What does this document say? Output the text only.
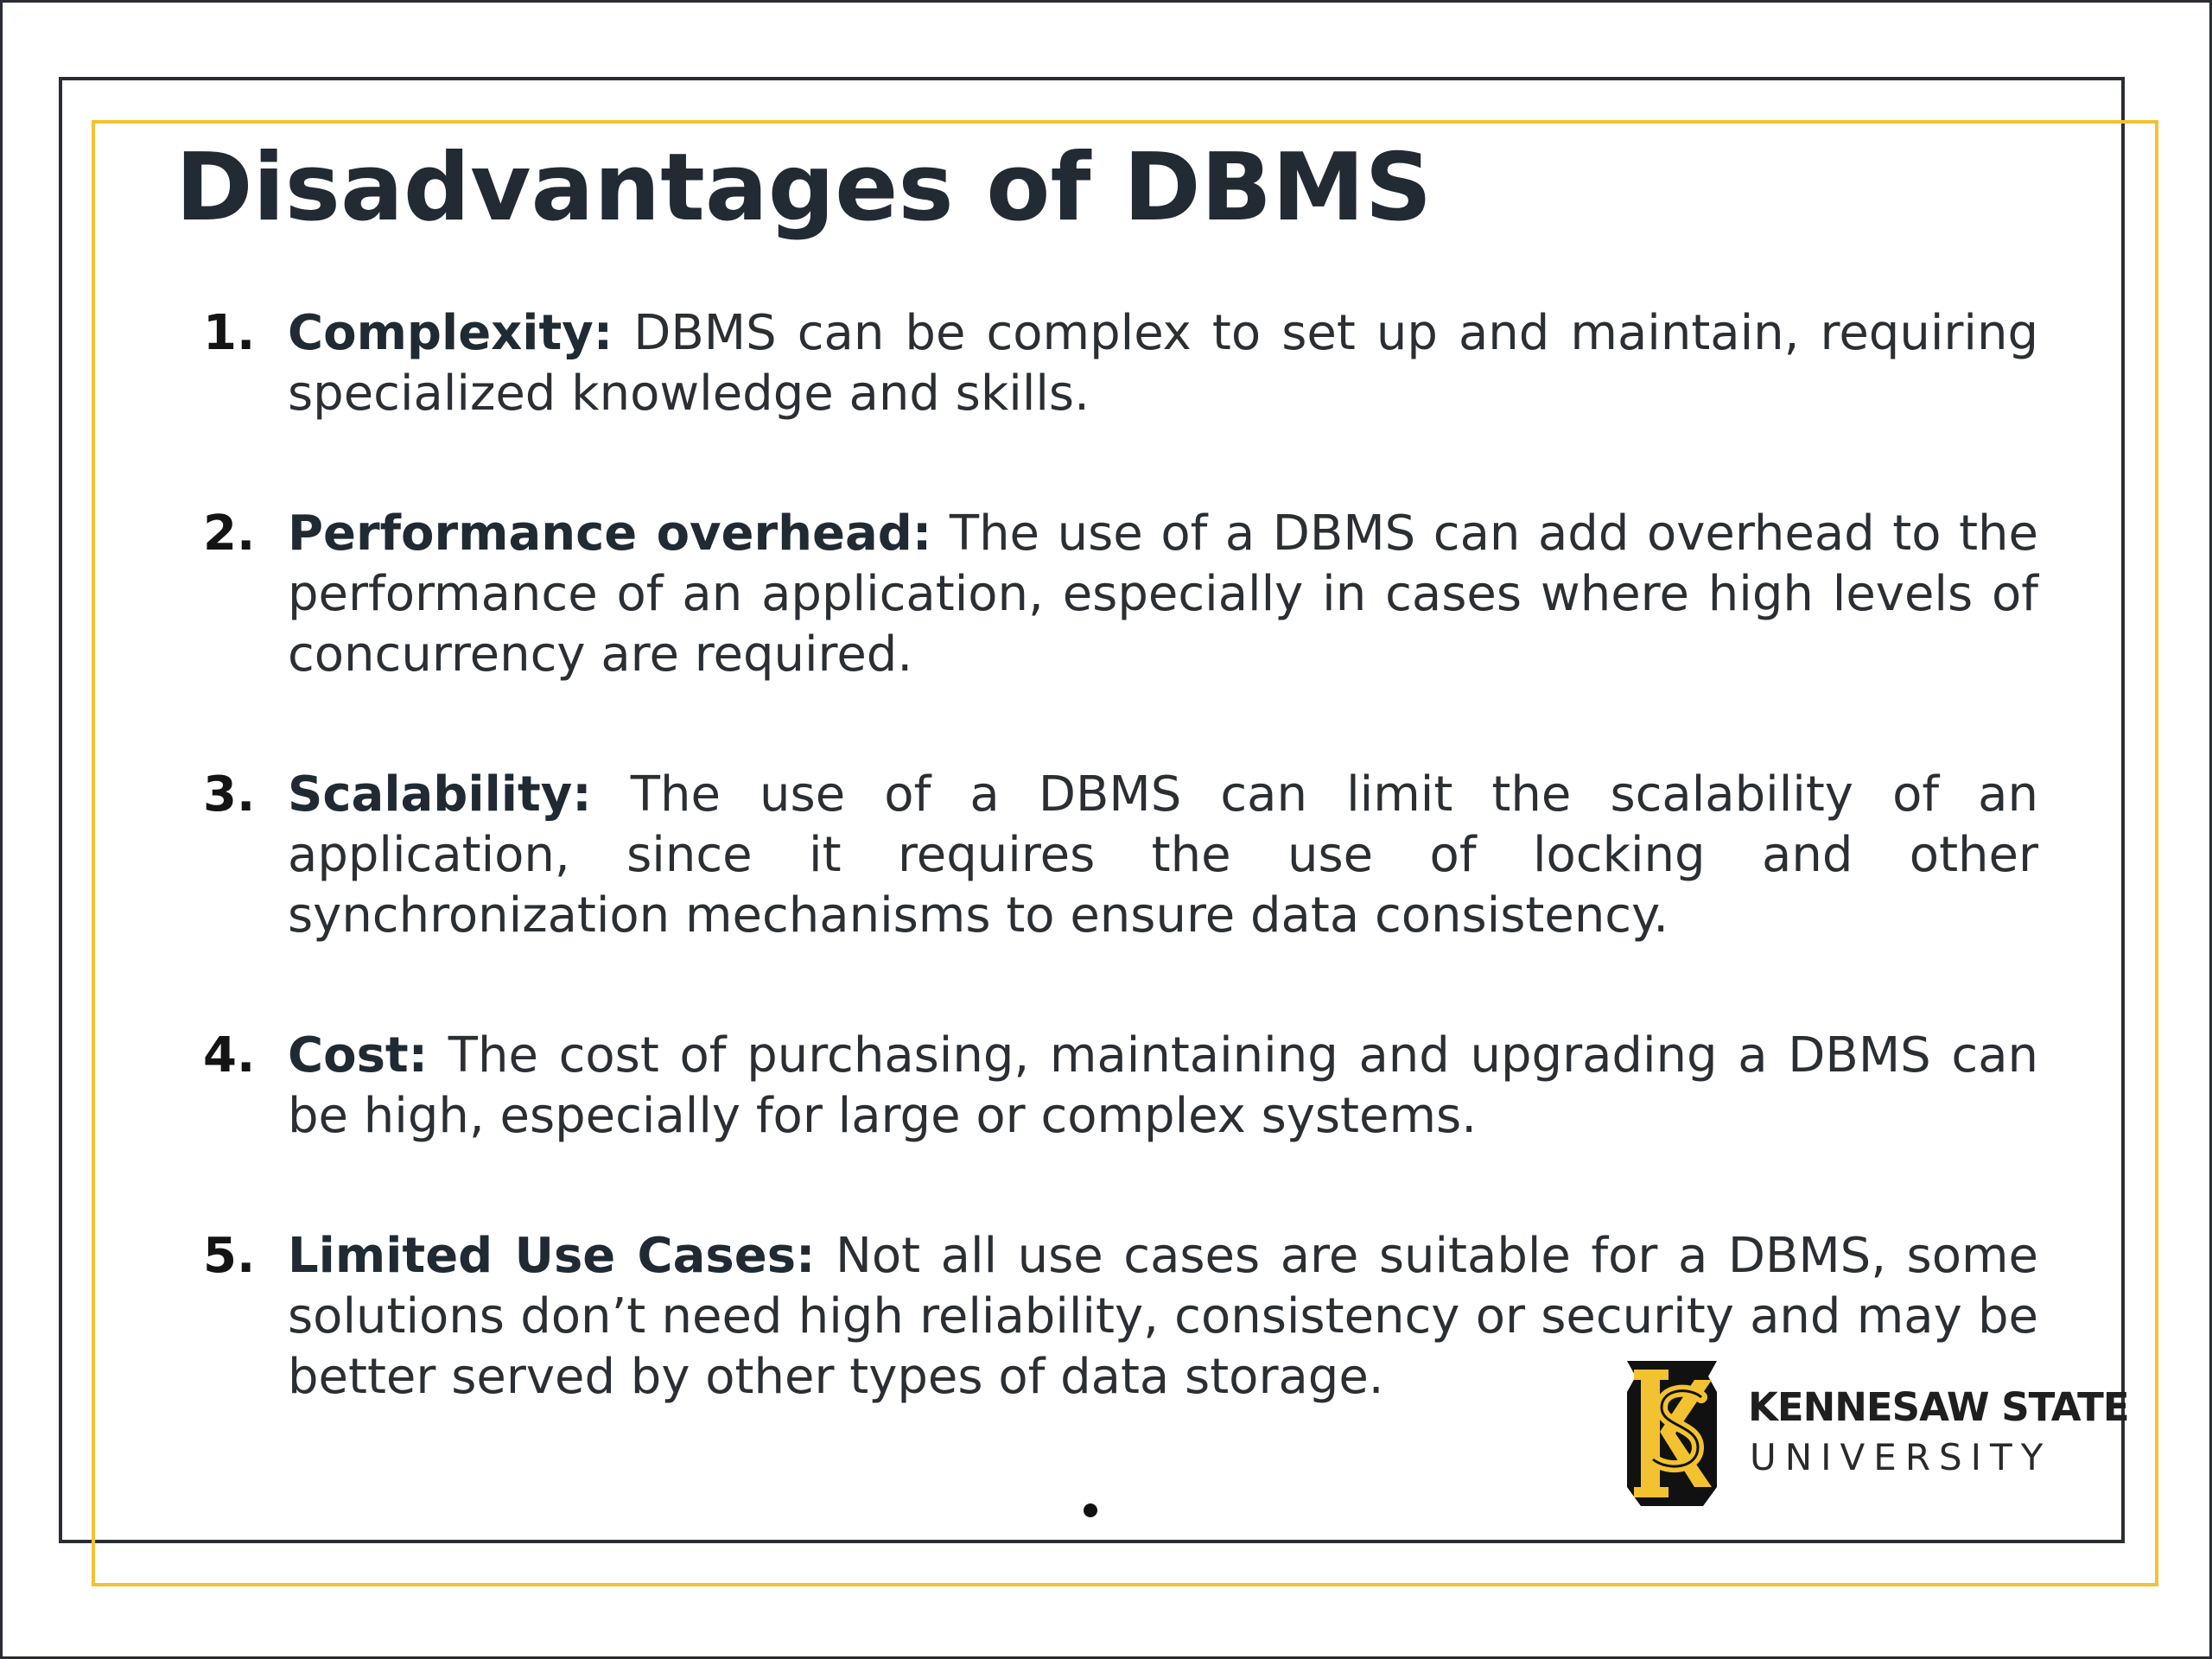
Disadvantages of DBMS
1. Complexity: DBMS can be complex to set up and maintain, requiring specialized knowledge and skills.
2. Performance overhead: The use of a DBMS can add overhead to the performance of an application, especially in cases where high levels of concurrency are required.
3. Scalability: The use of a DBMS can limit the scalability of an application, since it requires the use of locking and other synchronization mechanisms to ensure data consistency.
4. Cost: The cost of purchasing, maintaining and upgrading a DBMS can be high, especially for large or complex systems.
5. Limited Use Cases: Not all use cases are suitable for a DBMS, some solutions don’t need high reliability, consistency or security and may be better served by other types of data storage.
KENNESAW STATE
UNIVERSITY
